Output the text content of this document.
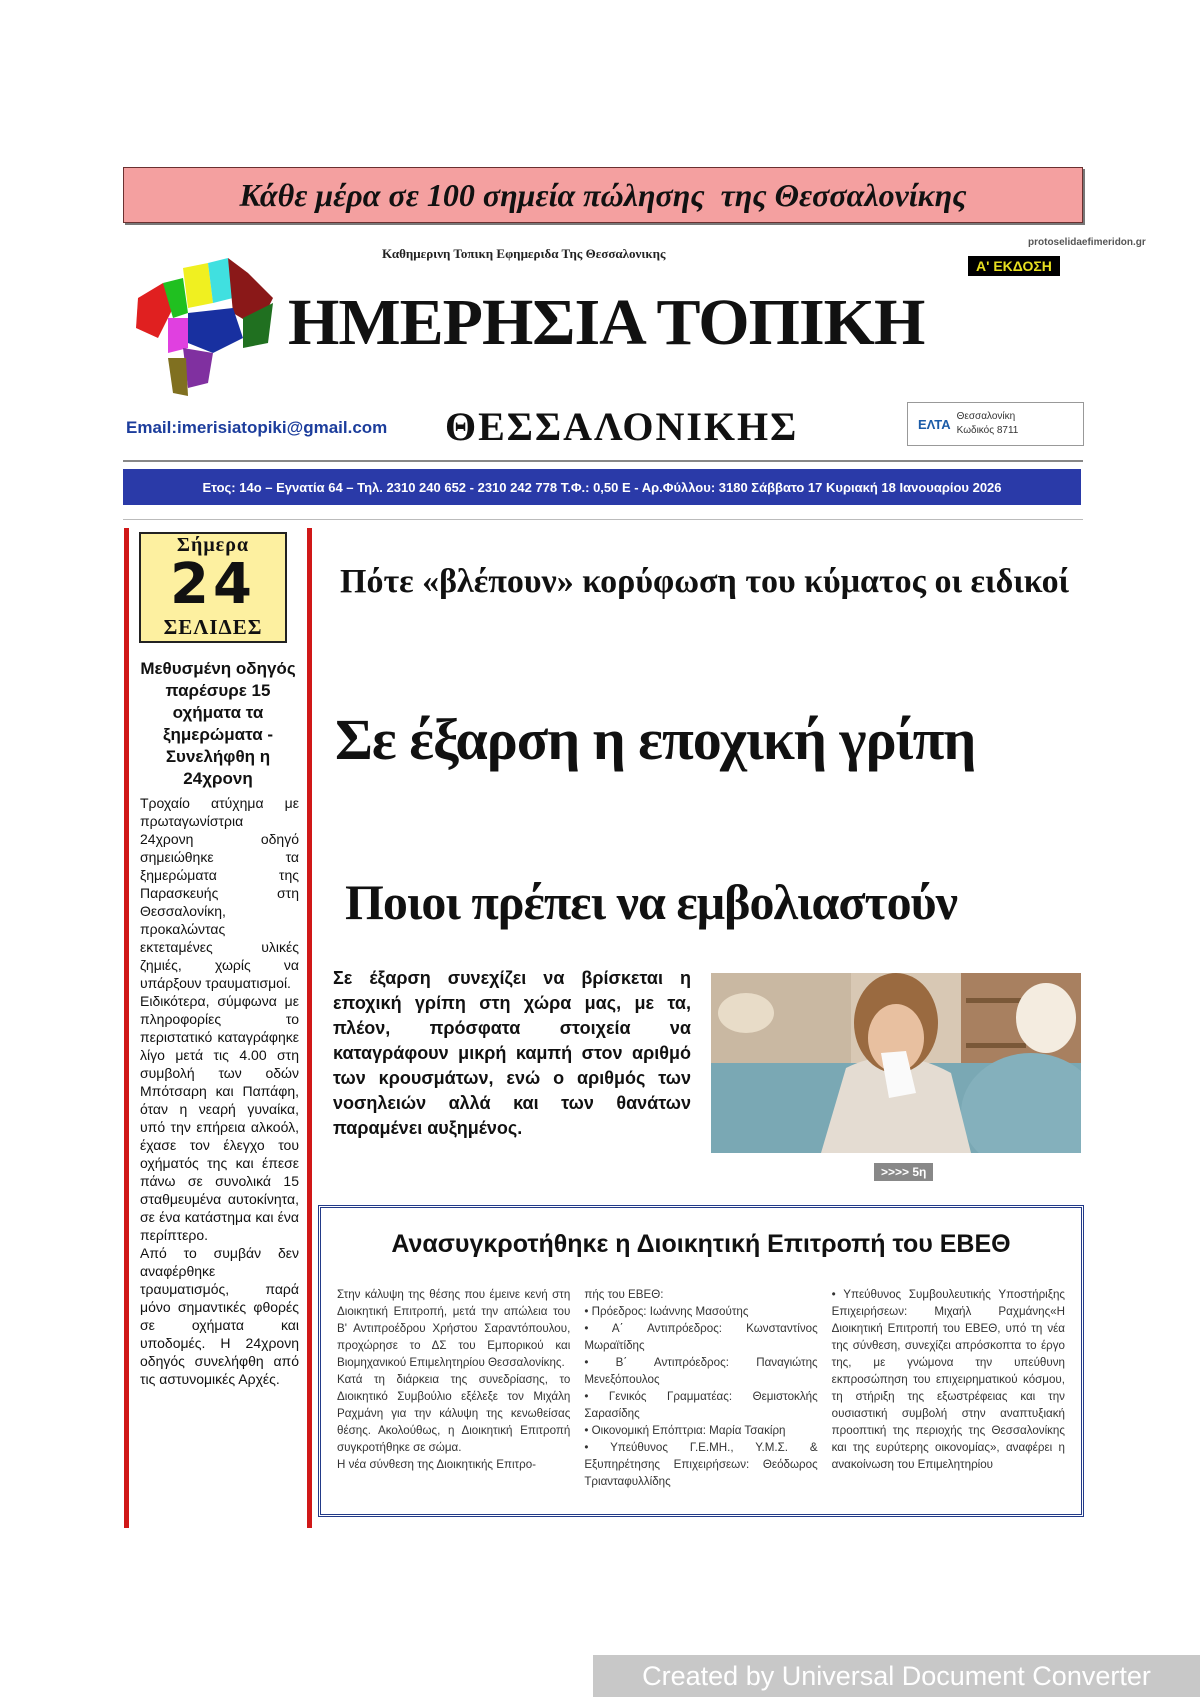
Κάθε μέρα σε 100 σημεία πώλησης  της Θεσσαλονίκης
Καθημερινη Τοπικη Εφημεριδα Της Θεσσαλονικης
ΗΜΕΡΗΣΙΑ ΤΟΠΙΚΗ
Α' ΕΚΔΟΣΗ
protoselidaefimeridon.gr
Email:imerisiatopiki@gmail.com ΘΕΣΣΑΛΟΝΙΚΗΣ	ΕΛΤΑ Θεσσαλονίκη
Κωδικός 8711
Ετος: 14ο – Εγνατία 64 – Τηλ. 2310 240 652 - 2310 242 778 Τ.Φ.: 0,50 Ε - Αρ.Φύλλου: 3180 Σάββατο 17 Κυριακή 18 Ιανουαρίου 2026
Σήμερα
24
ΣΕΛΙΔΕΣ
Μεθυσμένη οδηγός παρέσυρε 15 οχήματα τα ξημερώματα - Συνελήφθη η 24χρονη

Τροχαίο ατύχημα με πρωταγωνίστρια 24χρονη οδηγό σημειώθηκε τα ξημερώματα της Παρασκευής στη Θεσσαλονίκη, προκαλώντας εκτεταμένες υλικές ζημιές, χωρίς να υπάρξουν τραυματισμοί.

Ειδικότερα, σύμφωνα με πληροφορίες το περιστατικό καταγράφηκε λίγο μετά τις 4.00 στη συμβολή των οδών Μπότσαρη και Παπάφη, όταν η νεαρή γυναίκα, υπό την επήρεια αλκοόλ, έχασε τον έλεγχο του οχήματός της και έπεσε πάνω σε συνολικά 15 σταθμευμένα αυτοκίνητα, σε ένα κατάστημα και ένα περίπτερο.

Από το συμβάν δεν αναφέρθηκε τραυματισμός, παρά μόνο σημαντικές φθορές σε οχήματα και υποδομές. Η 24χρονη οδηγός συνελήφθη από τις αστυνομικές Αρχές.

Πότε «βλέπουν» κορύφωση του κύματος οι ειδικοί
Σε έξαρση η εποχική γρίπη
Ποιοι πρέπει να εμβολιαστούν

Σε έξαρση συνεχίζει να βρίσκεται η εποχική γρίπη στη χώρα μας, με τα, πλέον, πρόσφατα στοιχεία να καταγράφουν μικρή καμπή στον αριθμό των κρουσμάτων, ενώ ο αριθμός των νοσηλειών αλλά και των θανάτων παραμένει αυξημένος.

>>>> 5η
Ανασυγκροτήθηκε η Διοικητική Επιτροπή του ΕΒΕΘ

Στην κάλυψη της θέσης που έμεινε κενή στη Διοικητική Επιτροπή, μετά την απώλεια του Β' Αντιπροέδρου Χρήστου Σαραντόπουλου, προχώρησε το ΔΣ του Εμπορικού και Βιομηχανικού Επιμελητηρίου Θεσσαλονίκης.

Κατά τη διάρκεια της συνεδρίασης, το Διοικητικό Συμβούλιο εξέλεξε τον Μιχάλη Ραχμάνη για την κάλυψη της κενωθείσας θέσης. Ακολούθως, η Διοικητική Επιτροπή συγκροτήθηκε σε σώμα.

Η νέα σύνθεση της Διοικητικής Επιτρο-

πής του ΕΒΕΘ:

• Πρόεδρος: Ιωάννης Μασούτης

• Α΄ Αντιπρόεδρος: Κωνσταντίνος Μωραϊτίδης

• Β΄ Αντιπρόεδρος: Παναγιώτης Μενεξόπουλος

• Γενικός Γραμματέας: Θεμιστοκλής Σαρασίδης

• Οικονομική Επόπτρια: Μαρία Τσακίρη

• Υπεύθυνος Γ.Ε.ΜΗ., Υ.Μ.Σ. & Εξυπηρέτησης Επιχειρήσεων: Θεόδωρος Τριανταφυλλίδης

• Υπεύθυνος Συμβουλευτικής Υποστήριξης Επιχειρήσεων: Μιχαήλ Ραχμάνης«Η Διοικητική Επιτροπή του ΕΒΕΘ, υπό τη νέα της σύνθεση, συνεχίζει απρόσκοπτα το έργο της, με γνώμονα την υπεύθυνη εκπροσώπηση του επιχειρηματικού κόσμου, τη στήριξη της εξωστρέφειας και την ουσιαστική συμβολή στην αναπτυξιακή προοπτική της περιοχής της Θεσσαλονίκης και της ευρύτερης οικονομίας», αναφέρει η ανακοίνωση του Επιμελητηρίου

Created by Universal Document Converter
